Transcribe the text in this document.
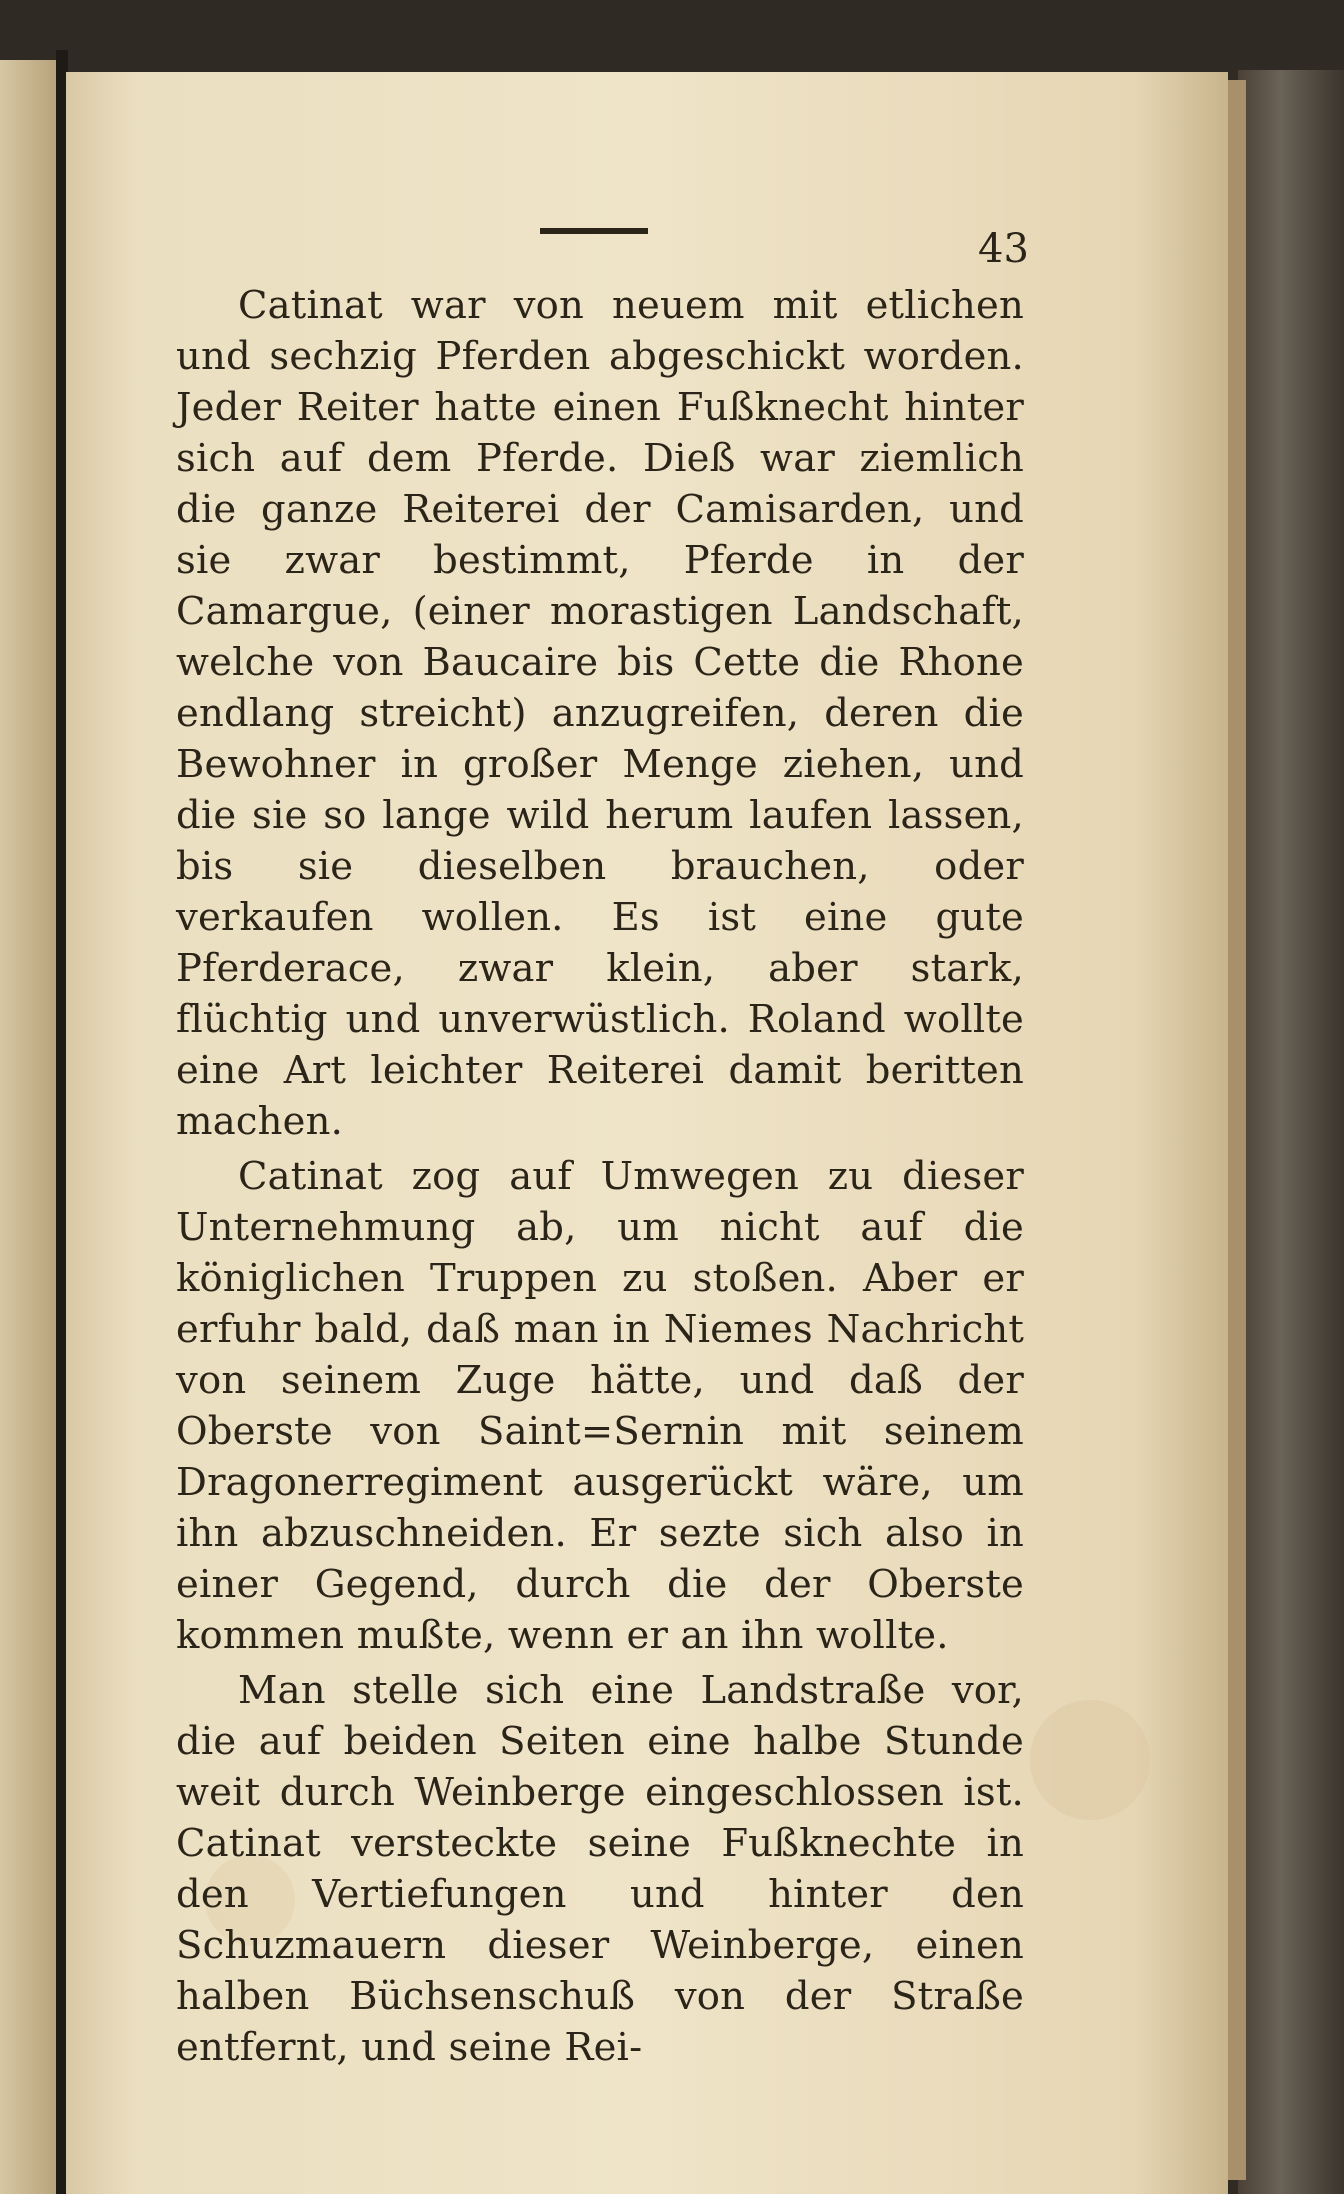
43

Catinat war von neuem mit etlichen und sechzig Pferden abgeschickt worden. Jeder Reiter hatte einen Fußknecht hinter sich auf dem Pferde. Dieß war ziemlich die ganze Reiterei der Camisarden, und sie zwar bestimmt, Pferde in der Camargue, (einer morastigen Landschaft, welche von Baucaire bis Cette die Rhone endlang streicht) anzugreifen, deren die Bewohner in großer Menge ziehen, und die sie so lange wild herum laufen lassen, bis sie dieselben brauchen, oder verkaufen wollen. Es ist eine gute Pferderace, zwar klein, aber stark, flüchtig und unverwüstlich. Roland wollte eine Art leichter Reiterei damit beritten machen.

Catinat zog auf Umwegen zu dieser Unternehmung ab, um nicht auf die königlichen Truppen zu stoßen. Aber er erfuhr bald, daß man in Niemes Nachricht von seinem Zuge hätte, und daß der Oberste von Saint=Sernin mit seinem Dragonerregiment ausgerückt wäre, um ihn abzuschneiden. Er sezte sich also in einer Gegend, durch die der Oberste kommen mußte, wenn er an ihn wollte.

Man stelle sich eine Landstraße vor, die auf beiden Seiten eine halbe Stunde weit durch Weinberge eingeschlossen ist. Catinat versteckte seine Fußknechte in den Vertiefungen und hinter den Schuzmauern dieser Weinberge, einen halben Büchsenschuß von der Straße entfernt, und seine Rei-
